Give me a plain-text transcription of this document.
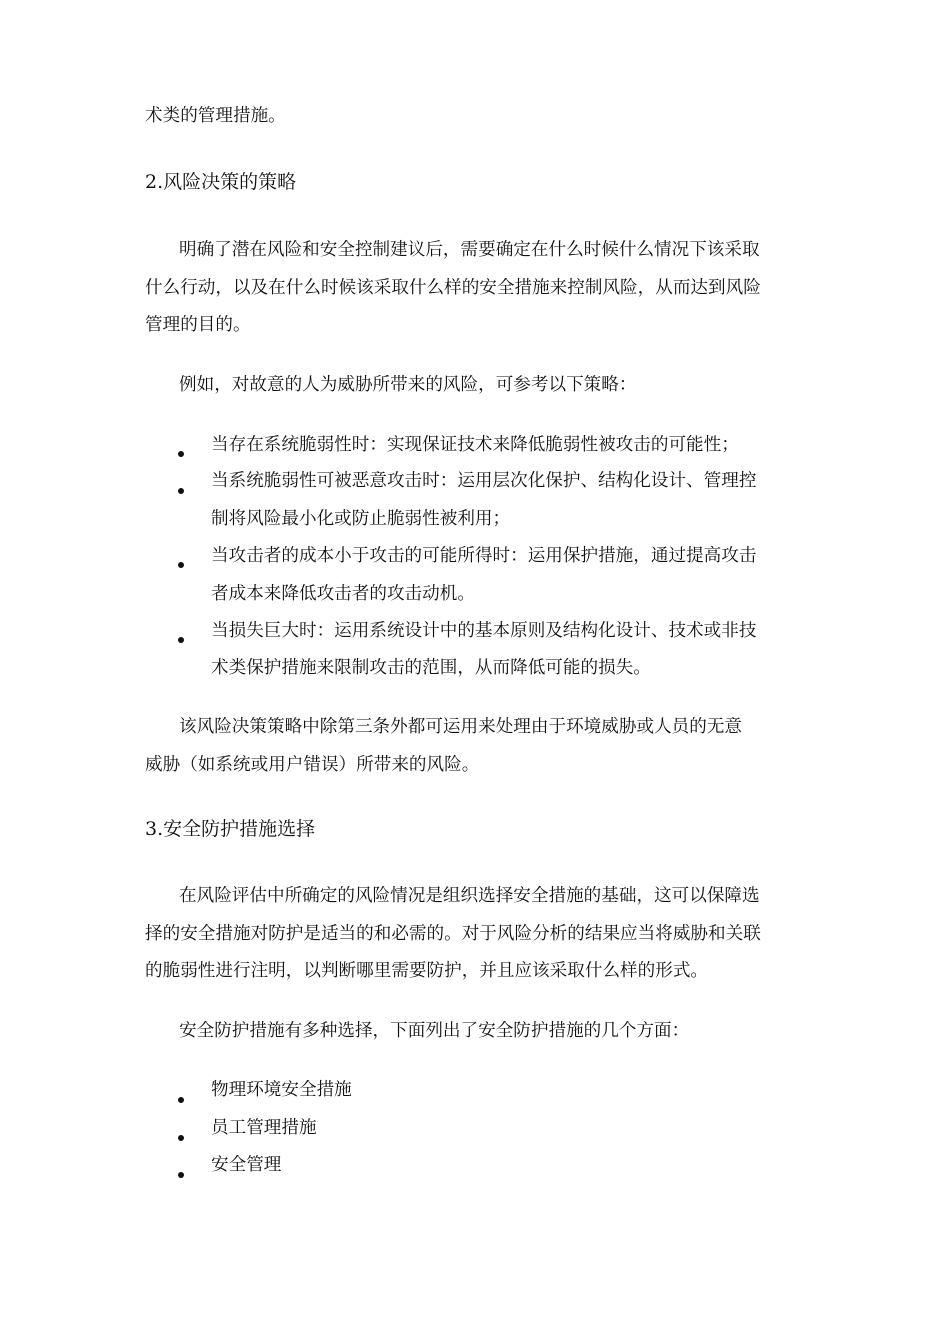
术类的管理措施。
2.风险决策的策略
明确了潜在风险和安全控制建议后，需要确定在什么时候什么情况下该采取
什么行动，以及在什么时候该采取什么样的安全措施来控制风险，从而达到风险
管理的目的。
例如，对故意的人为威胁所带来的风险，可参考以下策略：
当存在系统脆弱性时：实现保证技术来降低脆弱性被攻击的可能性；
当系统脆弱性可被恶意攻击时：运用层次化保护、结构化设计、管理控
制将风险最小化或防止脆弱性被利用；
当攻击者的成本小于攻击的可能所得时：运用保护措施，通过提高攻击
者成本来降低攻击者的攻击动机。
当损失巨大时：运用系统设计中的基本原则及结构化设计、技术或非技
术类保护措施来限制攻击的范围，从而降低可能的损失。
该风险决策策略中除第三条外都可运用来处理由于环境威胁或人员的无意
威胁（如系统或用户错误）所带来的风险。
3.安全防护措施选择
在风险评估中所确定的风险情况是组织选择安全措施的基础，这可以保障选
择的安全措施对防护是适当的和必需的。对于风险分析的结果应当将威胁和关联
的脆弱性进行注明，以判断哪里需要防护，并且应该采取什么样的形式。
安全防护措施有多种选择，下面列出了安全防护措施的几个方面：
物理环境安全措施
员工管理措施
安全管理
